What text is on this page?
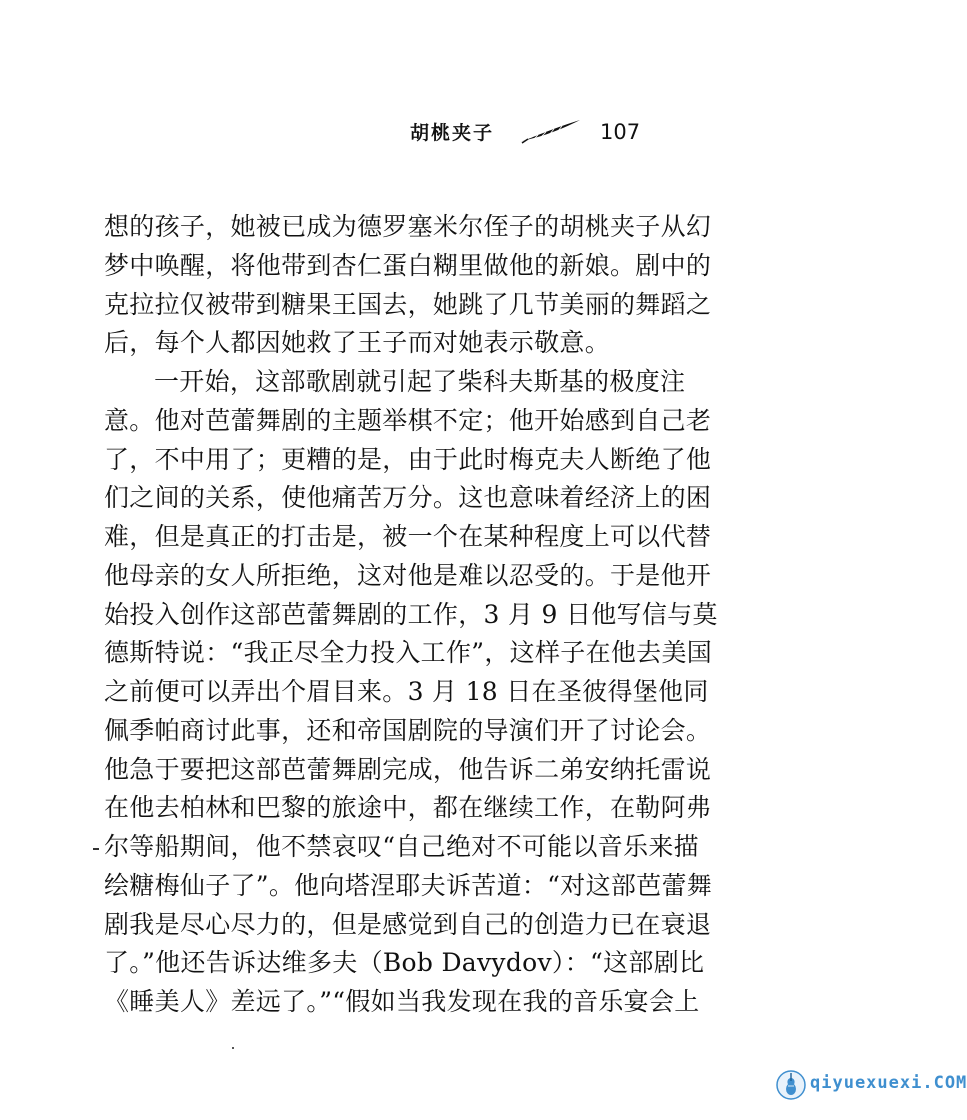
胡桃夹子	107
想的孩子，她被已成为德罗塞米尔侄子的胡桃夹子从幻
梦中唤醒，将他带到杏仁蛋白糊里做他的新娘。剧中的
克拉拉仅被带到糖果王国去，她跳了几节美丽的舞蹈之
后，每个人都因她救了王子而对她表示敬意。
一开始，这部歌剧就引起了柴科夫斯基的极度注
意。他对芭蕾舞剧的主题举棋不定；他开始感到自己老
了，不中用了；更糟的是，由于此时梅克夫人断绝了他
们之间的关系，使他痛苦万分。这也意味着经济上的困
难，但是真正的打击是，被一个在某种程度上可以代替
他母亲的女人所拒绝，这对他是难以忍受的。于是他开
始投入创作这部芭蕾舞剧的工作，3 月 9 日他写信与莫
德斯特说：“我正尽全力投入工作”，这样子在他去美国
之前便可以弄出个眉目来。3 月 18 日在圣彼得堡他同
佩季帕商讨此事，还和帝国剧院的导演们开了讨论会。
他急于要把这部芭蕾舞剧完成，他告诉二弟安纳托雷说
在他去柏林和巴黎的旅途中，都在继续工作，在勒阿弗
尔等船期间，他不禁哀叹“自己绝对不可能以音乐来描
绘糖梅仙子了”。他向塔涅耶夫诉苦道：“对这部芭蕾舞
剧我是尽心尽力的，但是感觉到自己的创造力已在衰退
了。”他还告诉达维多夫（Bob Davydov）：“这部剧比
《睡美人》差远了。”“假如当我发现在我的音乐宴会上
qiyuexuexi.COM
